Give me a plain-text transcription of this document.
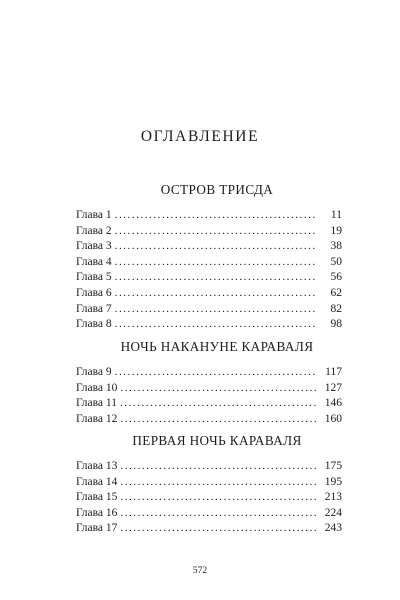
ОГЛАВЛЕНИЕ
ОСТРОВ ТРИСДА
Глава 1 . . .	11
Глава 2 . . .	19
Глава 3 . . .	38
Глава 4 . . .	50
Глава 5 . . .	56
Глава 6 . . .	62
Глава 7 . . .	82
Глава 8 . . .	98
НОЧЬ НАКАНУНЕ КАРАВАЛЯ
Глава 9 . . .	117
Глава 10 . . .	127
Глава 11 . . .	146
Глава 12 . . .	160
ПЕРВАЯ НОЧЬ КАРАВАЛЯ
Глава 13 . . .	175
Глава 14 . . .	195
Глава 15 . . .	213
Глава 16 . . .	224
Глава 17 . . .	243
572
